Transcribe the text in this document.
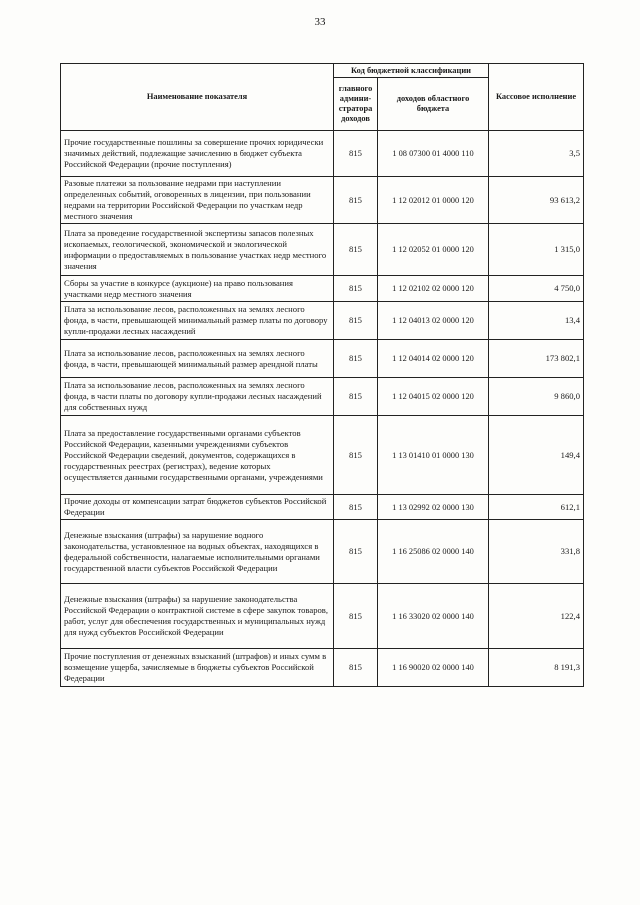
33
Наименование показателя	Код бюджетной классификации		Кассовое исполнение
	главного админи-стратора доходов	доходов областного бюджета	
Прочие государственные пошлины за совершение прочих юридически значимых действий, подлежащие зачислению в бюджет субъекта Российской Федерации (прочие поступления)	815	1 08 07300 01 4000 110	3,5
Разовые платежи за пользование недрами при наступлении определенных событий, оговоренных в лицензии, при пользовании недрами на территории Российской Федерации по участкам недр местного значения	815	1 12 02012 01 0000 120	93 613,2
Плата за проведение государственной экспертизы запасов полезных ископаемых, геологической, экономической и экологической информации о предоставляемых в пользование участках недр местного значения	815	1 12 02052 01 0000 120	1 315,0
Сборы за участие в конкурсе (аукционе) на право пользования участками недр местного значения	815	1 12 02102 02 0000 120	4 750,0
Плата за использование лесов, расположенных на землях лесного фонда, в части, превышающей минимальный размер платы по договору купли-продажи лесных насаждений	815	1 12 04013 02 0000 120	13,4
Плата за использование лесов, расположенных на землях лесного фонда, в части, превышающей минимальный размер арендной платы	815	1 12 04014 02 0000 120	173 802,1
Плата за использование лесов, расположенных на землях лесного фонда, в части платы по договору купли-продажи лесных насаждений для собственных нужд	815	1 12 04015 02 0000 120	9 860,0
Плата за предоставление государственными органами субъектов Российской Федерации, казенными учреждениями субъектов Российской Федерации сведений, документов, содержащихся в государственных реестрах (регистрах), ведение которых осуществляется данными государственными органами, учреждениями	815	1 13 01410 01 0000 130	149,4
Прочие доходы от компенсации затрат бюджетов субъектов Российской Федерации	815	1 13 02992 02 0000 130	612,1
Денежные взыскания (штрафы) за нарушение водного законодательства, установленное на водных объектах, находящихся в федеральной собственности, налагаемые исполнительными органами государственной власти субъектов Российской Федерации	815	1 16 25086 02 0000 140	331,8
Денежные взыскания (штрафы) за нарушение законодательства Российской Федерации о контрактной системе в сфере закупок товаров, работ, услуг для обеспечения государственных и муниципальных нужд для нужд субъектов Российской Федерации	815	1 16 33020 02 0000 140	122,4
Прочие поступления от денежных взысканий (штрафов) и иных сумм в возмещение ущерба, зачисляемые в бюджеты субъектов Российской Федерации	815	1 16 90020 02 0000 140	8 191,3
